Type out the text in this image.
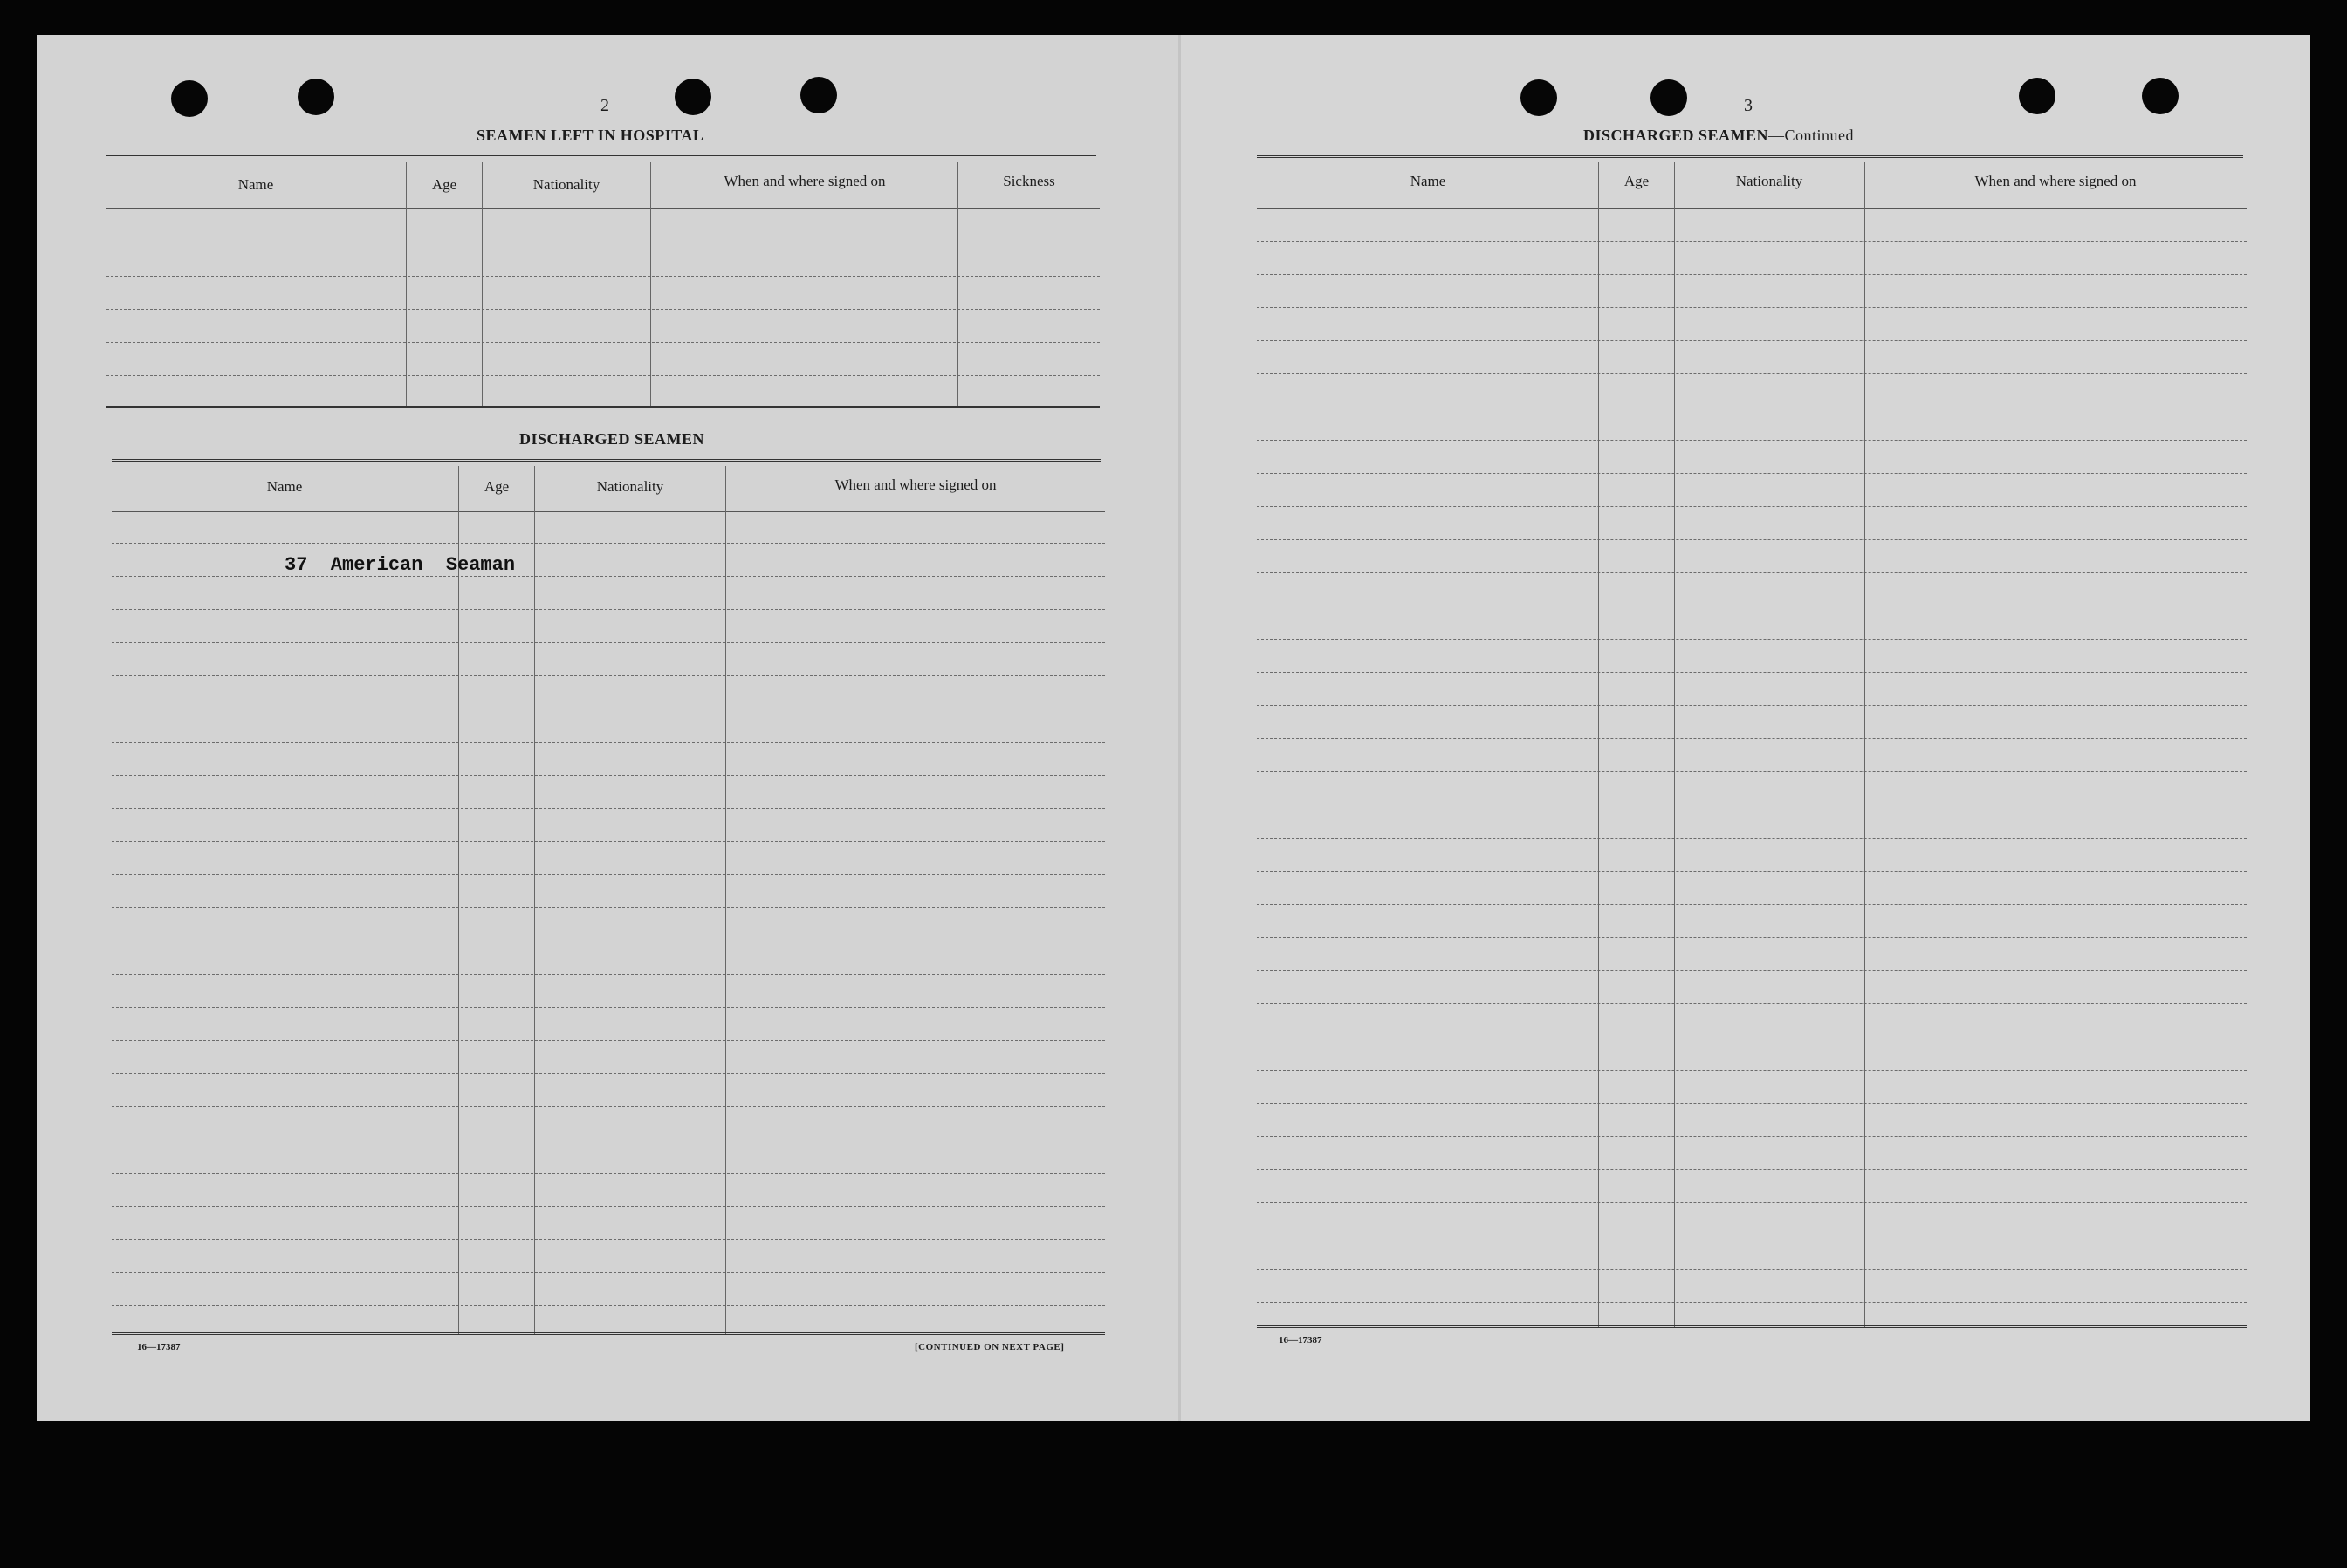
2
SEAMEN LEFT IN HOSPITAL
Name	Age	Nationality	When and where signed on	Sickness
DISCHARGED SEAMEN
Name	Age	Nationality	When and where signed on
37  American  Seaman
16—17387	[CONTINUED ON NEXT PAGE]
3
DISCHARGED SEAMEN—Continued
Name	Age	Nationality	When and where signed on
16—17387
